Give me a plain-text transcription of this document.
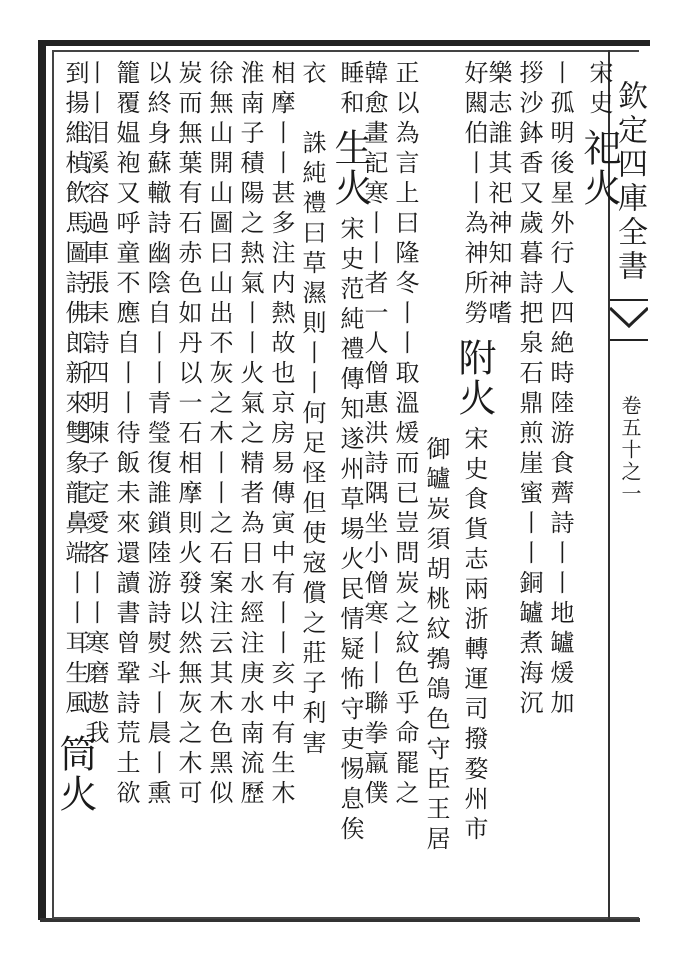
欽定四庫全書
卷五十之一
宋史祀火
丨孤明後星外行人四絶時陸游食薺詩丨丨地罏煖加
拶沙鉢香又歲暮詩把泉石鼎煎崖蜜丨丨銅罏煮海沉
樂志誰其祀神知神嗜
好闗伯丨丨為神所勞附火宋史食貨志兩浙轉運司撥婺州市
御罏炭須胡桃紋鵓鴿色守臣王居
正以為言上曰隆冬丨丨取溫煖而已豈問炭之紋色乎命罷之
韓愈畫記寒丨丨者一人僧惠洪詩隅坐小僧寒丨丨聯拳羸僕
睡和生火宋史范純禮傳知遂州草場火民情疑怖守吏惕息俟
衣誅純禮曰草濕則丨丨何足怪但使宼償之莊子利害
相摩丨丨甚多注内熱故也京房易傳寅中有丨丨亥中有生木
淮南子積陽之熱氣丨丨火氣之精者為日水經注庚水南流歷
徐無山開山圖曰山出不灰之木丨丨之石案注云其木色黑似
炭而無葉有石赤色如丹以一石相摩則火發以然無灰之木可
以終身蘇轍詩幽陰自丨丨青瑩復誰鎖陸游詩熨斗丨晨丨熏
籠覆媪袍又呼童不應自丨丨待飯未來還讀書曾鞏詩荒土欲
丨丨泪溪容過車張耒詩四明陳子定愛客丨丨寒磨遨我
到揚維楨飲馬圖詩佛郎新來雙象龍鼻端丨丨耳生風筒火
